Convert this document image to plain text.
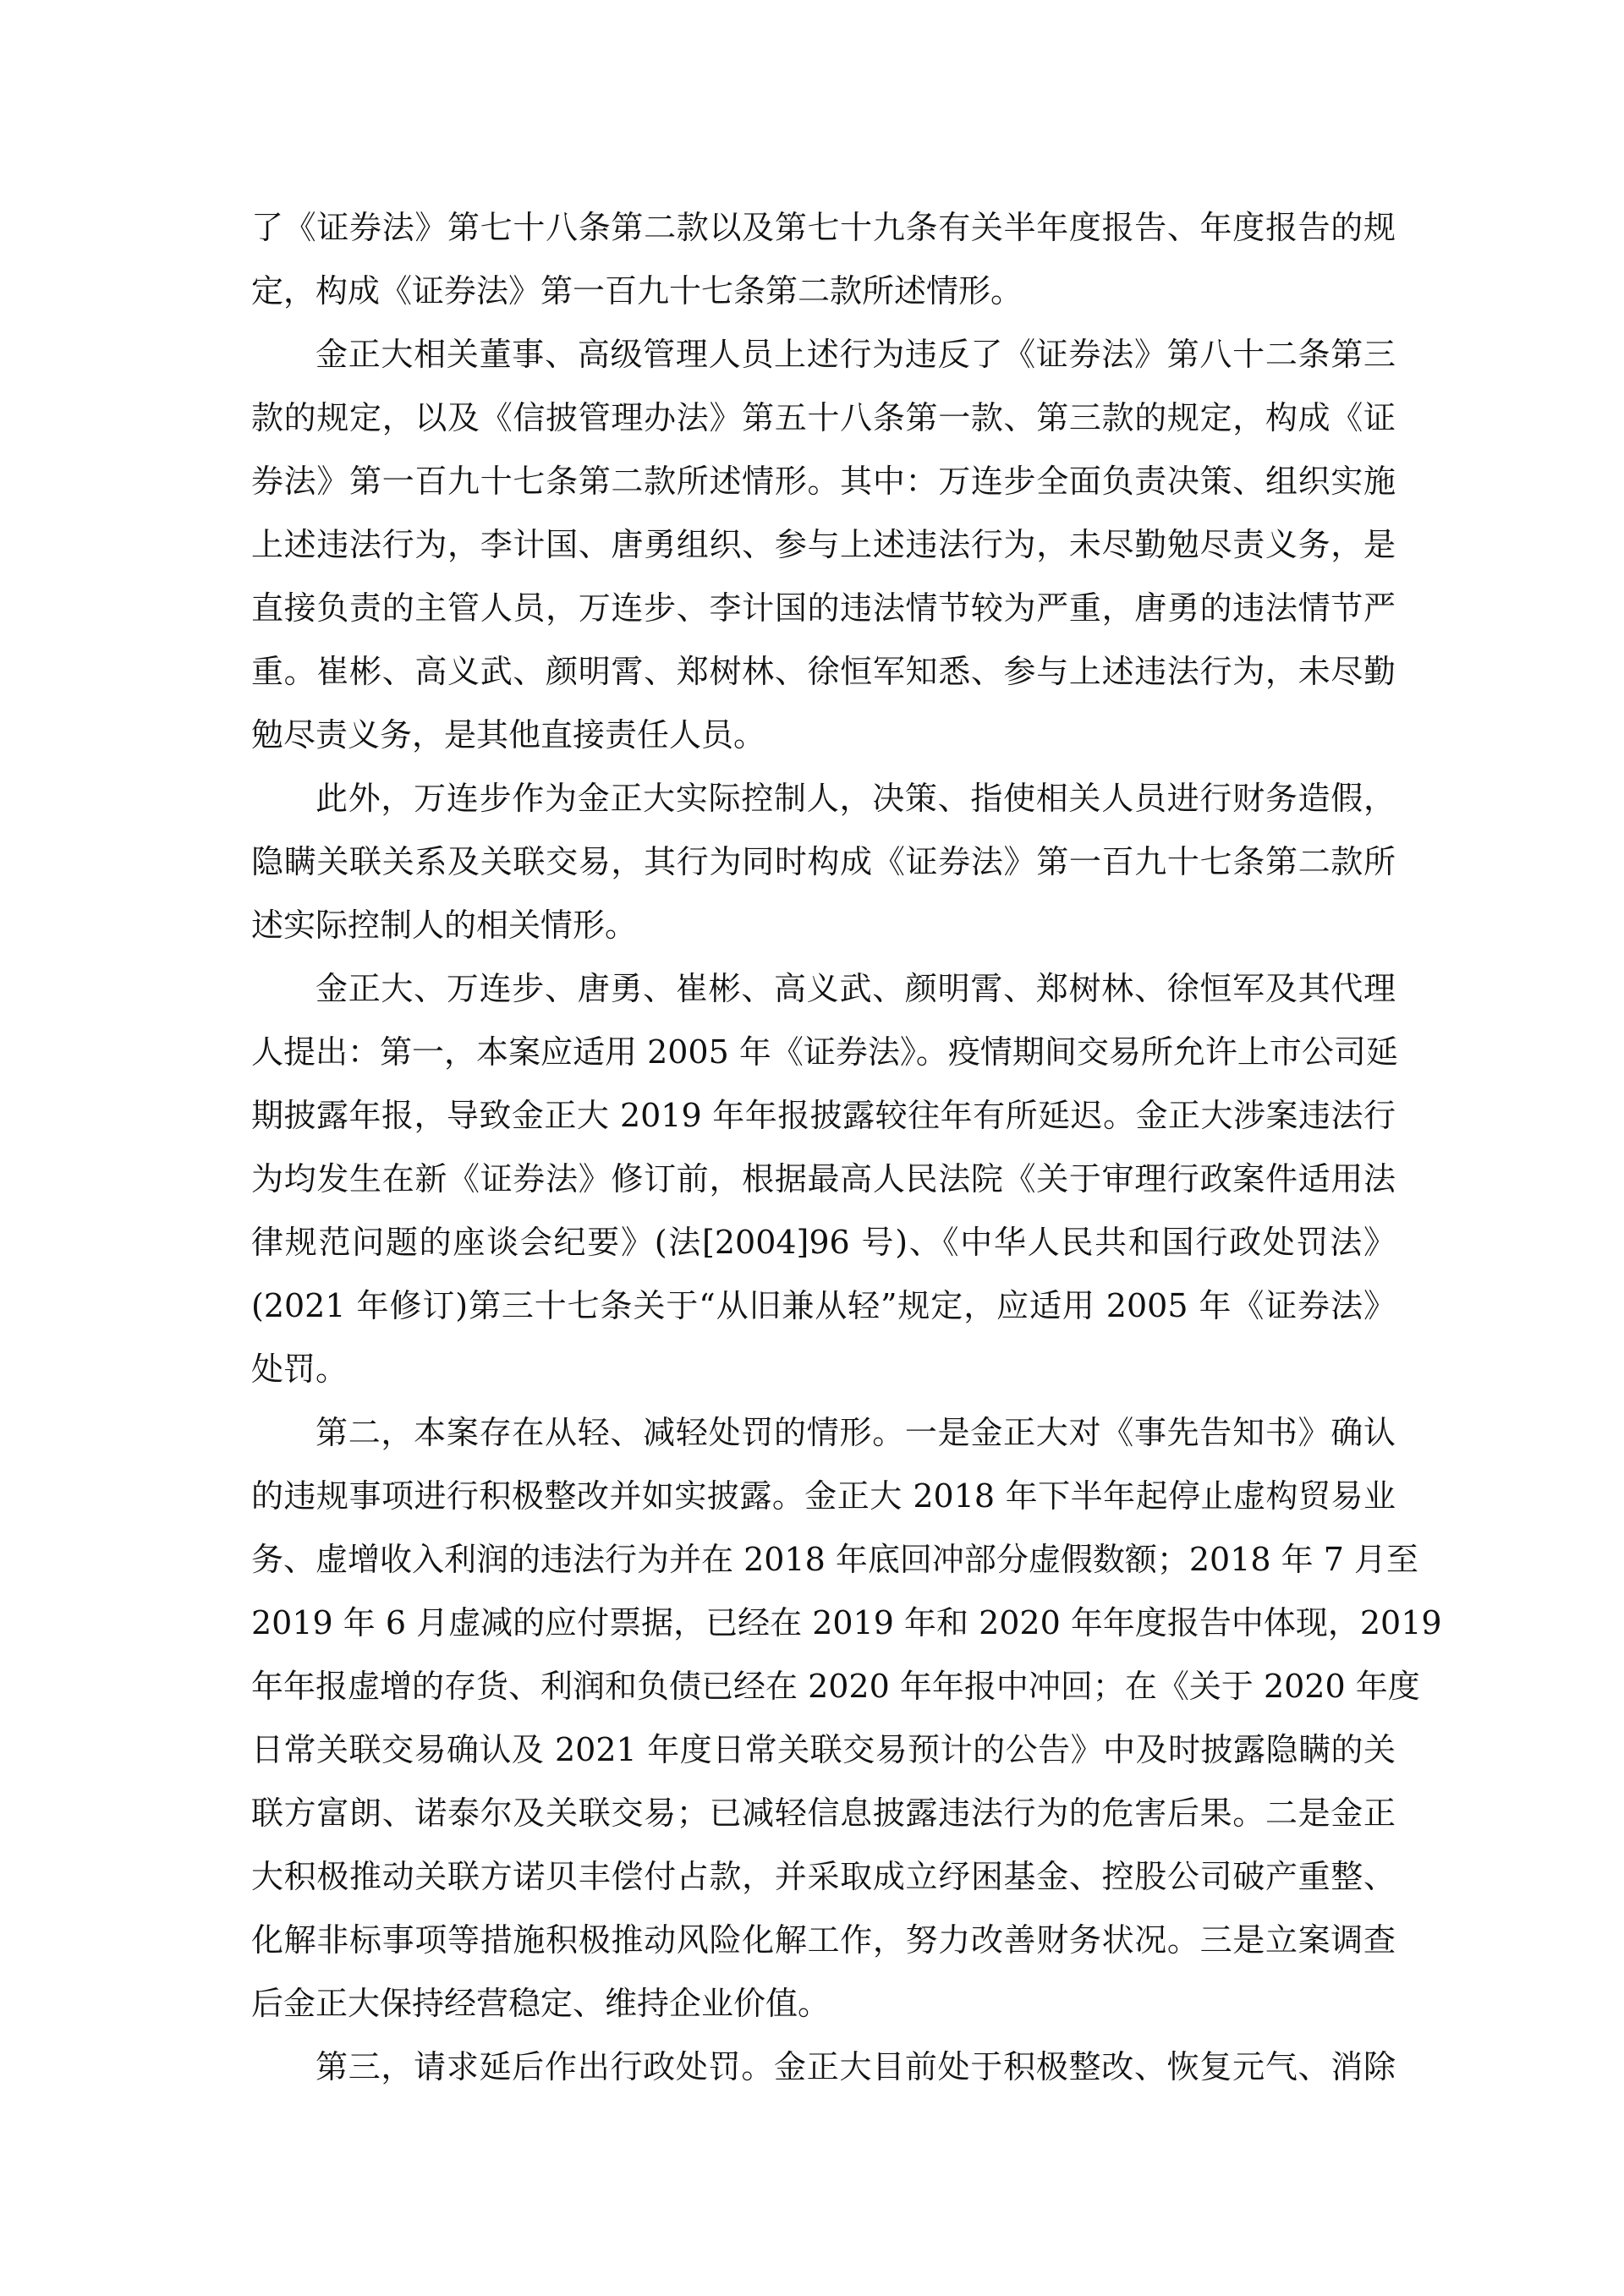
了《证券法》第七十八条第二款以及第七十九条有关半年度报告、年度报告的规
定，构成《证券法》第一百九十七条第二款所述情形。
金正大相关董事、高级管理人员上述行为违反了《证券法》第八十二条第三
款的规定，以及《信披管理办法》第五十八条第一款、第三款的规定，构成《证
券法》第一百九十七条第二款所述情形。其中：万连步全面负责决策、组织实施
上述违法行为，李计国、唐勇组织、参与上述违法行为，未尽勤勉尽责义务，是
直接负责的主管人员，万连步、李计国的违法情节较为严重，唐勇的违法情节严
重。崔彬、高义武、颜明霄、郑树林、徐恒军知悉、参与上述违法行为，未尽勤
勉尽责义务，是其他直接责任人员。
此外，万连步作为金正大实际控制人，决策、指使相关人员进行财务造假，
隐瞒关联关系及关联交易，其行为同时构成《证券法》第一百九十七条第二款所
述实际控制人的相关情形。
金正大、万连步、唐勇、崔彬、高义武、颜明霄、郑树林、徐恒军及其代理
人提出：第一，本案应适用 2005 年《证券法》。疫情期间交易所允许上市公司延
期披露年报，导致金正大 2019 年年报披露较往年有所延迟。金正大涉案违法行
为均发生在新《证券法》修订前，根据最高人民法院《关于审理行政案件适用法
律规范问题的座谈会纪要》(法[2004]96 号)、《中华人民共和国行政处罚法》
(2021 年修订)第三十七条关于“从旧兼从轻”规定，应适用 2005 年《证券法》
处罚。
第二，本案存在从轻、减轻处罚的情形。一是金正大对《事先告知书》确认
的违规事项进行积极整改并如实披露。金正大 2018 年下半年起停止虚构贸易业
务、虚增收入利润的违法行为并在 2018 年底回冲部分虚假数额；2018 年 7 月至
2019 年 6 月虚减的应付票据，已经在 2019 年和 2020 年年度报告中体现，2019
年年报虚增的存货、利润和负债已经在 2020 年年报中冲回；在《关于 2020 年度
日常关联交易确认及 2021 年度日常关联交易预计的公告》中及时披露隐瞒的关
联方富朗、诺泰尔及关联交易；已减轻信息披露违法行为的危害后果。二是金正
大积极推动关联方诺贝丰偿付占款，并采取成立纾困基金、控股公司破产重整、
化解非标事项等措施积极推动风险化解工作，努力改善财务状况。三是立案调查
后金正大保持经营稳定、维持企业价值。
第三，请求延后作出行政处罚。金正大目前处于积极整改、恢复元气、消除
